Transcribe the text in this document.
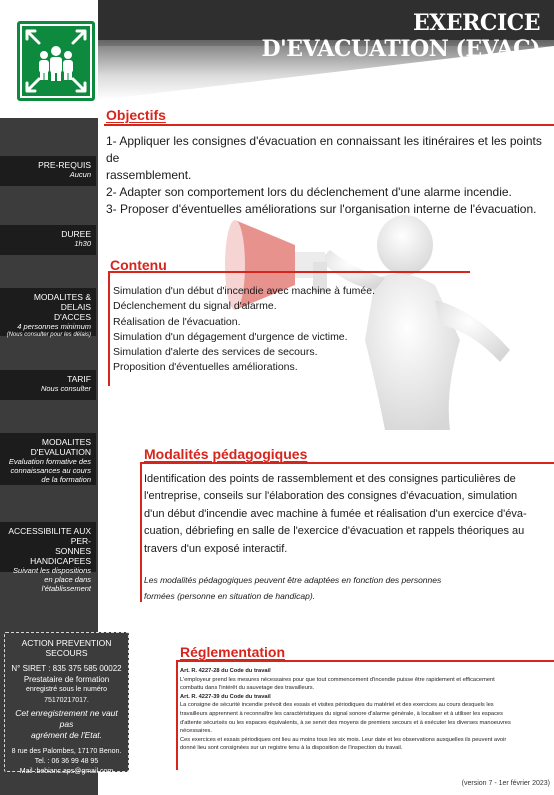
EXERCICE D'EVACUATION (EVAC)
PRE-REQUIS
Aucun
DUREE
1h30
MODALITES & DELAIS
D'ACCES
4 personnes minimum
(Nous consulter pour les délais)
TARIF
Nous consulter
MODALITES D'EVALUATION
Evaluation formative des
connaissances au cours
de la formation
ACCESSIBILITE AUX PER-
SONNES HANDICAPEES
Suivant les dispositions
en place dans l'établissement
ACTION PREVENTION SECOURS
N° SIRET : 835 375 585 00022
Prestataire de formation
enregistré sous le numéro 75170217017.
Cet enregistrement ne vaut pas
agrément de l'Etat.
8 rue des Palombes, 17170 Benon.
Tel. : 06 36 99 48 95
Mail :bebianc.aps@gmail.com
Objectifs

1- Appliquer les consignes d'évacuation en connaissant les itinéraires et les points de
rassemblement.
2- Adapter son comportement lors du déclenchement d'une alarme incendie.
3- Proposer d'éventuelles améliorations sur l'organisation interne de l'évacuation.

Contenu
Simulation d'un début d'incendie avec machine à fumée.
Déclenchement du signal d'alarme.
Réalisation de l'évacuation.
Simulation d'un dégagement d'urgence de victime.
Simulation d'alerte des services de secours.
Proposition d'éventuelles améliorations.
Modalités pédagogiques

Identification des points de rassemblement et des consignes particulières de
l'entreprise, conseils sur l'élaboration des consignes d'évacuation, simulation
d'un début d'incendie avec machine à fumée et réalisation d'un exercice d'éva-
cuation, débriefing en salle de l'exercice d'évacuation et rappels théoriques au
travers d'un exposé interactif.

Les modalités pédagogiques peuvent être adaptées en fonction des personnes
formées (personne en situation de handicap).

Réglementation
Art. R. 4227-28 du Code du travail
L'employeur prend les mesures nécessaires pour que tout commencement d'incendie puisse être rapidement et efficacement
combattu dans l'intérêt du sauvetage des travailleurs.
Art. R. 4227-39 du Code du travail
La consigne de sécurité incendie prévoit des essais et visites périodiques du matériel et des exercices au cours desquels les
travailleurs apprennent à reconnaître les caractéristiques du signal sonore d'alarme générale, à localiser et à utiliser les espaces
d'attente sécurisés ou les espaces équivalents, à se servir des moyens de premiers secours et à exécuter les diverses manoeuvres
nécessaires.
Ces exercices et essais périodiques ont lieu au moins tous les six mois. Leur date et les observations auxquelles ils peuvent avoir
donné lieu sont consignées sur un registre tenu à la disposition de l'inspection du travail.
(version 7 - 1er février 2023)
